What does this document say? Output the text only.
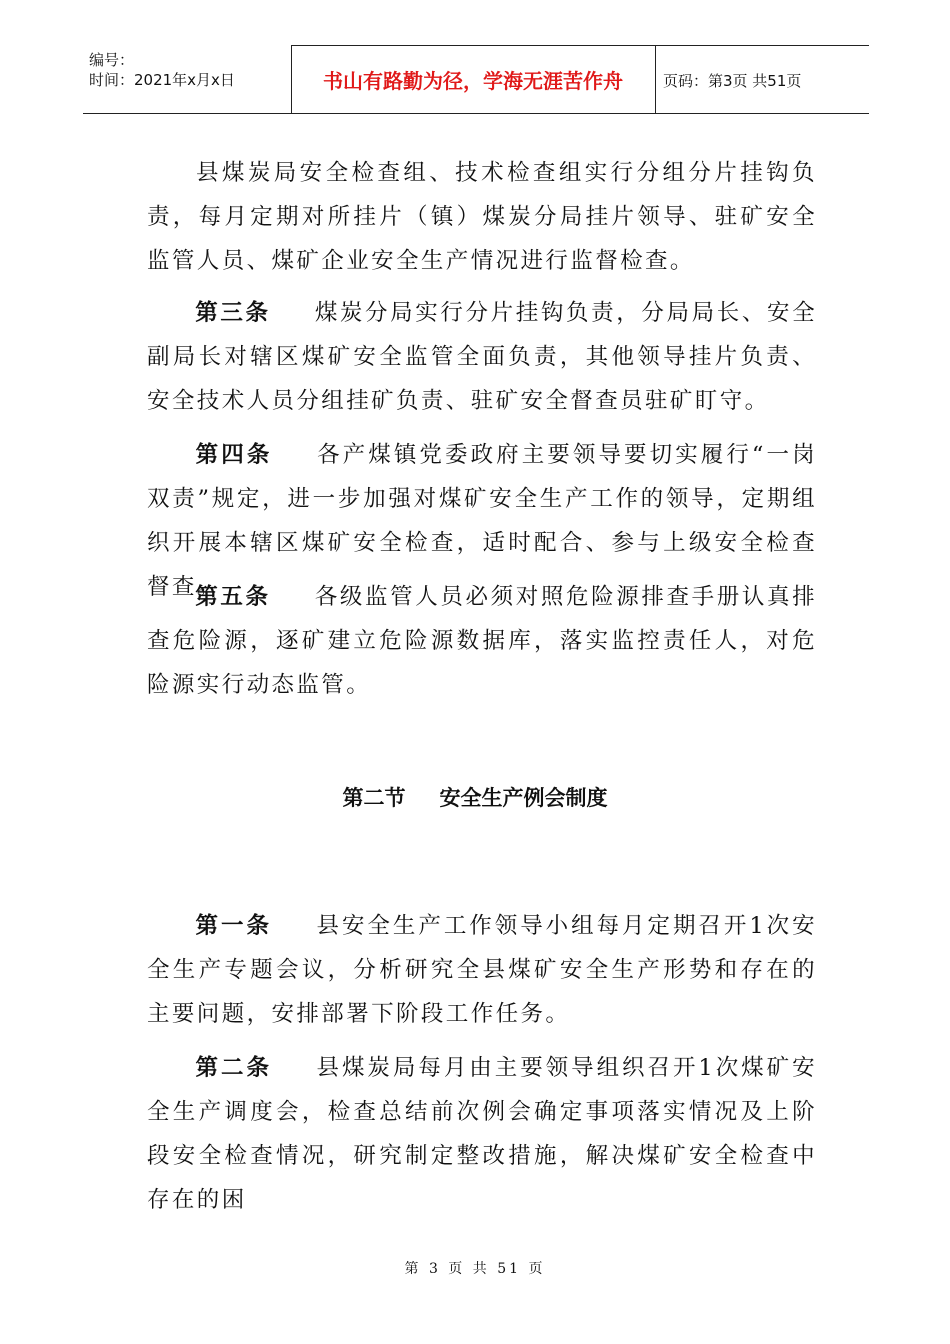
编号：
时间：2021年x月x日	书山有路勤为径，学海无涯苦作舟	页码：第3页 共51页

县煤炭局安全检查组、技术检查组实行分组分片挂钩负责，每月定期对所挂片（镇）煤炭分局挂片领导、驻矿安全监管人员、煤矿企业安全生产情况进行监督检查。

第三条 煤炭分局实行分片挂钩负责，分局局长、安全副局长对辖区煤矿安全监管全面负责，其他领导挂片负责、安全技术人员分组挂矿负责、驻矿安全督查员驻矿盯守。

第四条 各产煤镇党委政府主要领导要切实履行“一岗双责”规定，进一步加强对煤矿安全生产工作的领导，定期组织开展本辖区煤矿安全检查，适时配合、参与上级安全检查督查。

第五条 各级监管人员必须对照危险源排查手册认真排查危险源，逐矿建立危险源数据库，落实监控责任人，对危险源实行动态监管。

第二节 安全生产例会制度

第一条 县安全生产工作领导小组每月定期召开1次安全生产专题会议，分析研究全县煤矿安全生产形势和存在的主要问题，安排部署下阶段工作任务。

第二条 县煤炭局每月由主要领导组织召开1次煤矿安全生产调度会，检查总结前次例会确定事项落实情况及上阶段安全检查情况，研究制定整改措施，解决煤矿安全检查中存在的困

第 3 页 共 51 页
